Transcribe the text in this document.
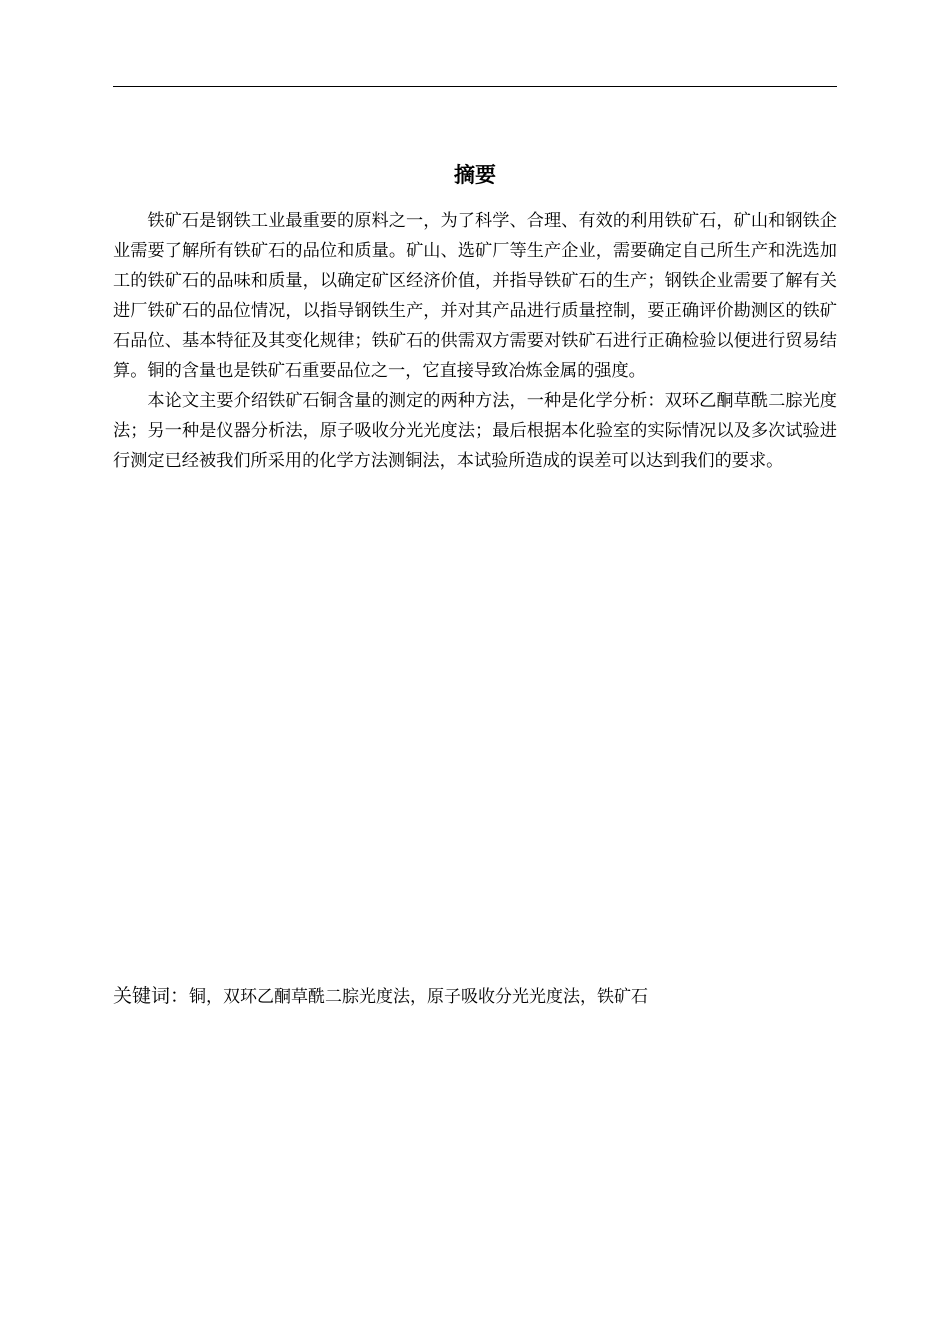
摘要

铁矿石是钢铁工业最重要的原料之一，为了科学、合理、有效的利用铁矿石，矿山和钢铁企业需要了解所有铁矿石的品位和质量。矿山、选矿厂等生产企业，需要确定自己所生产和洗选加工的铁矿石的品味和质量，以确定矿区经济价值，并指导铁矿石的生产；钢铁企业需要了解有关进厂铁矿石的品位情况，以指导钢铁生产，并对其产品进行质量控制，要正确评价勘测区的铁矿石品位、基本特征及其变化规律；铁矿石的供需双方需要对铁矿石进行正确检验以便进行贸易结算。铜的含量也是铁矿石重要品位之一，它直接导致冶炼金属的强度。

本论文主要介绍铁矿石铜含量的测定的两种方法，一种是化学分析：双环乙酮草酰二腙光度法；另一种是仪器分析法，原子吸收分光光度法；最后根据本化验室的实际情况以及多次试验进行测定已经被我们所采用的化学方法测铜法，本试验所造成的误差可以达到我们的要求。

关键词：铜，双环乙酮草酰二腙光度法，原子吸收分光光度法，铁矿石
